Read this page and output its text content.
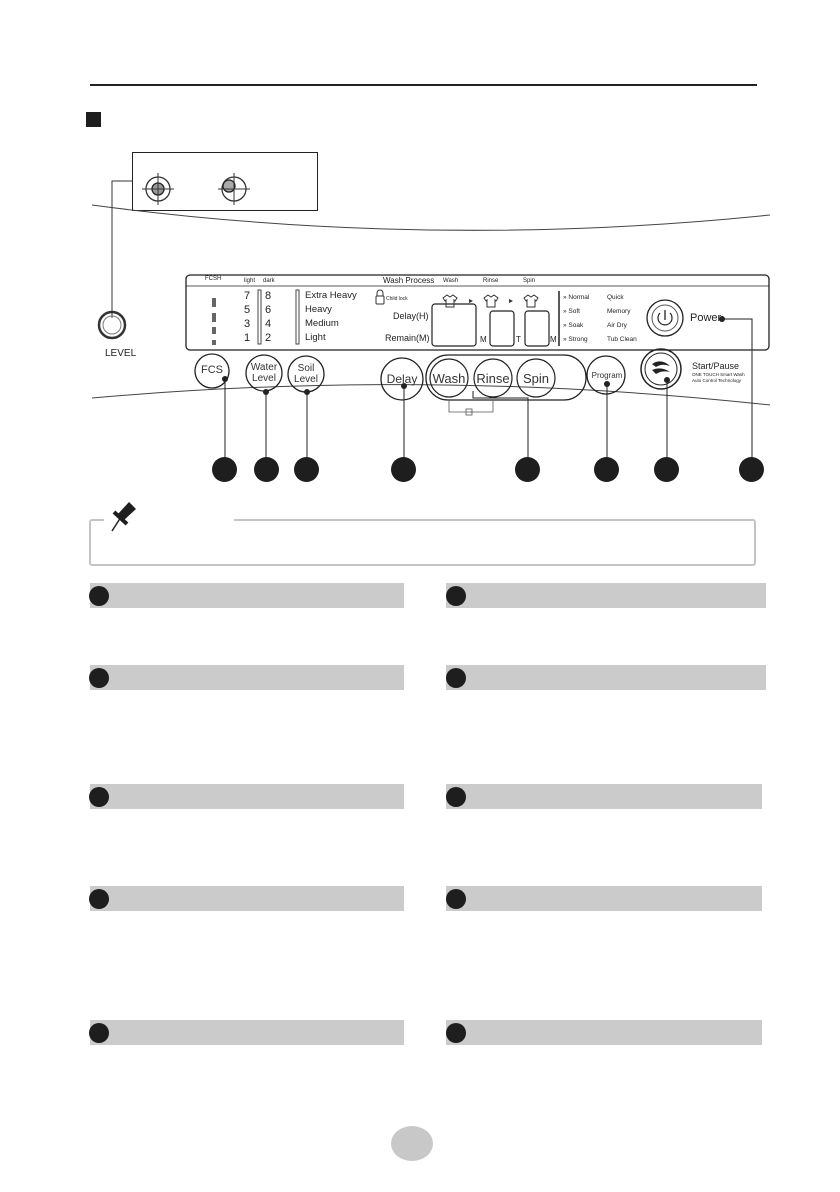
LEVEL
FCSH	light dark
7
5
3
1
8
6
4
2
Extra Heavy
Heavy
Medium
Light
Wash Process Wash	Rinse	Spin
Child lock
Delay(H)
Remain(M)	M	T	M
» Normal
» Soft
» Soak
» Strong
Quick
Memory
Air Dry
Tub Clean
Power
FCS	Water
Level
Soil
Level	Delay	Wash Rinse	Spin	Program
Start/Pause
ONE TOUCH Smart Wash
Auto Control Technology
